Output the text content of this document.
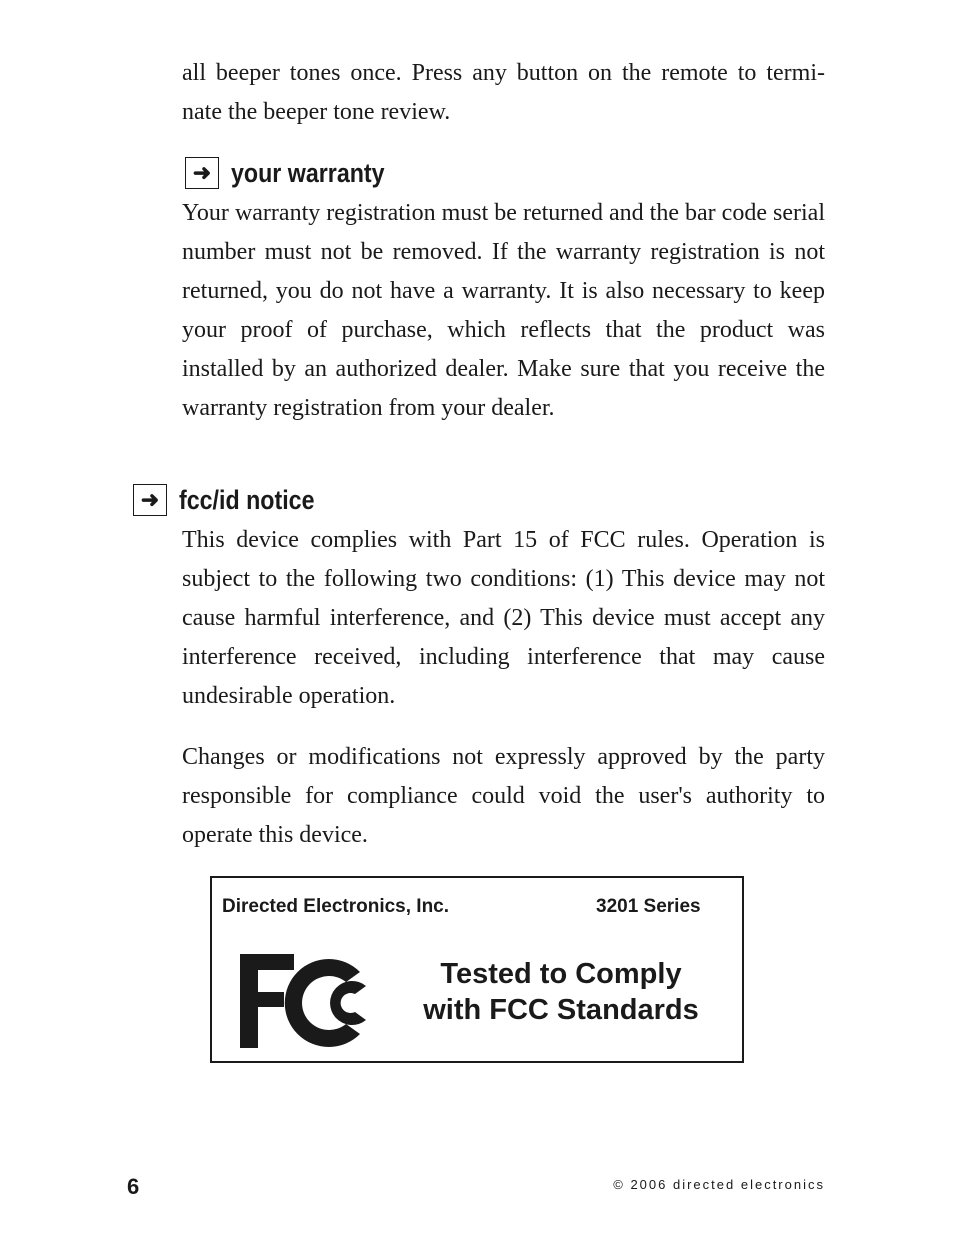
all beeper tones once. Press any button on the remote to termi- nate the beeper tone review.

➜ your warranty

Your warranty registration must be returned and the bar code serial number must not be removed. If the warranty registration is not returned, you do not have a warranty. It is also necessary to keep your proof of purchase, which reflects that the product was installed by an authorized dealer. Make sure that you receive the warranty registration from your dealer.

➜ fcc/id notice

This device complies with Part 15 of FCC rules. Operation is subject to the following two conditions: (1) This device may not cause harmful interference, and (2) This device must accept any interference received, including interference that may cause undesirable operation.

Changes or modifications not expressly approved by the party responsible for compliance could void the user's authority to operate this device.

Directed Electronics, Inc.	3201 Series
Tested to Comply
with FCC Standards
6	© 2006 directed electronics
